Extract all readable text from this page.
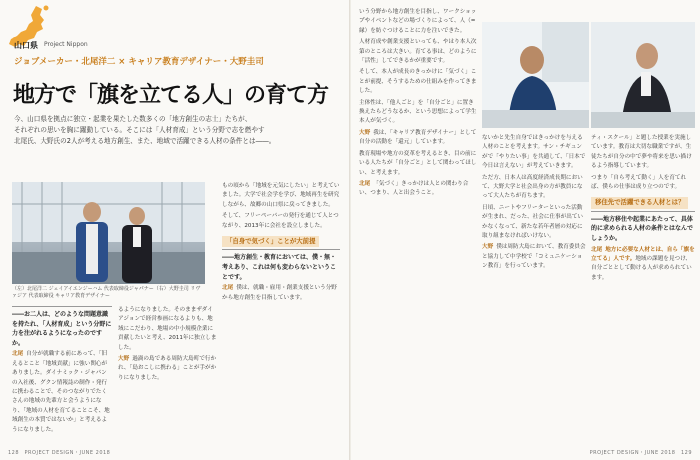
山口県 Project Nippon
ジョブメーカー・北尾洋二 × キャリア教育デザイナー・大野圭司
地方で「旗を立てる人」の育て方
今、山口県を拠点に独立・起業を果たした数多くの「地方創生の志士」たちが、
それぞれの思いを胸に躍動している。そこには「人材育成」という分野で志を燃やす
北尾氏、大野氏の2人が考える地方創生、また、地域で活躍できる人材の条件とは――。
（左）北尾洋二 ジェイアイエンジーハム 代表取締役ジャパナー（右）大野圭司 リヴァジア 代表取締役 キャリア教育デザイナー

――お二人は、どのような問題意識を持たれ、「人材育成」という分野に力を注がれるようになったのですか。

北尾 自分が就職する前にあって、「旧えるとこと「地域貢献」に強い関心がありました。ダイナミック・ジャパンの入社後、グクン情報誌の制作・発行に携わることで、そのつながりでたくさんの地域の先輩方と会うようになり、「地域の人材を育てることこそ、地域創生の本質ではないか」と考えるようになりました。

るようになりました。そのままザダイアジョンで経営参画になるよりも、地域にこだわり、地場の中小規模企業に貢献したいと考え、2011年に独立しました。

大野 過渦の島である周防大島町で行かれ、「島おこしに携わる」ことが手がかりになりました。

もの頃から「地域を元気にしたい」と考えていました。大学で社会学を学び、地域再生を研究しながら、故郷の山口県に戻ってきました。

そして、フリーペーパーの発行を通じて人とつながり、2013年に会社を設立しました。

「自身で気づく」ことが大前提

――地方創生・教育においては、僕・無・考えあり、これは何も変わらないということです。

北尾 僕は、就職・雇用・創業支援という分野から地方創生を目指しています。

いう分野から地方創生を目指し、ワークショップやイベントなどの場づくりによって、人（=縁）を紡ぐつけることに力を注いできた。

人材育成や創業支援といっても、やはり本人次第のところは大きい。育てる事は、どのように「活性」してできるかが重要です。

そして、本人が成長のきっかけに「気づく」ことが前提、そうするための仕組みを作ってきました。

主体性は、「他人ごと」を「自分ごと」に置き換えたらどうなるか、という思想によって学生本人が気づく。

大野 我は、「キャリア教育デザイナー」として自分の活動を「還元」しています。

教育現場や地方の変革を考えるとき、目の前にいる人たちが「自分ごと」として関わってほしい、と考えます。

北尾 「気づく」きっかけは人との関わり合い、つまり、人と出会うこと。

ないかと先生自身ではきっかけを与える人材のことを考えます。サン・チギュンがで「やりたい事」を共通して、「日本で今日は言えない」が考えていきます。

ただ方、日本人は高度経済成長期において、大野大学と社会出身の方が教員になって大人たちが育ちます。

日頃、ニートやフリーターといった活動が生まれ、だった、社会に仕事が出ていかなくなって、新たな若年者層の対応に取り組まなければいけない。

大野 僕は周防大島において、教育委員会と協力して中学校で「コミュニケーション教育」を行っています。

ティ・スクール」と題した授業を実施しています。教育は大切な職業ですが、生徒たちが自分の中で夢や将来を思い描けるよう指導しています。

つまり「自ら考えて動く」人を育てれば、僕らの仕事は成り立つのです。

移住先で活躍できる人材とは？

――地方移住や起業にあたって、具体的に求められる人材の条件とはなんでしょうか。

北尾 地方に必要な人材とは、自ら「旗を立てる」人です。地域の課題を見つけ、自分ごととして動ける人が求められています。

PROJECT DESIGN・JUNE 2018　129
128　PROJECT DESIGN・JUNE 2018
